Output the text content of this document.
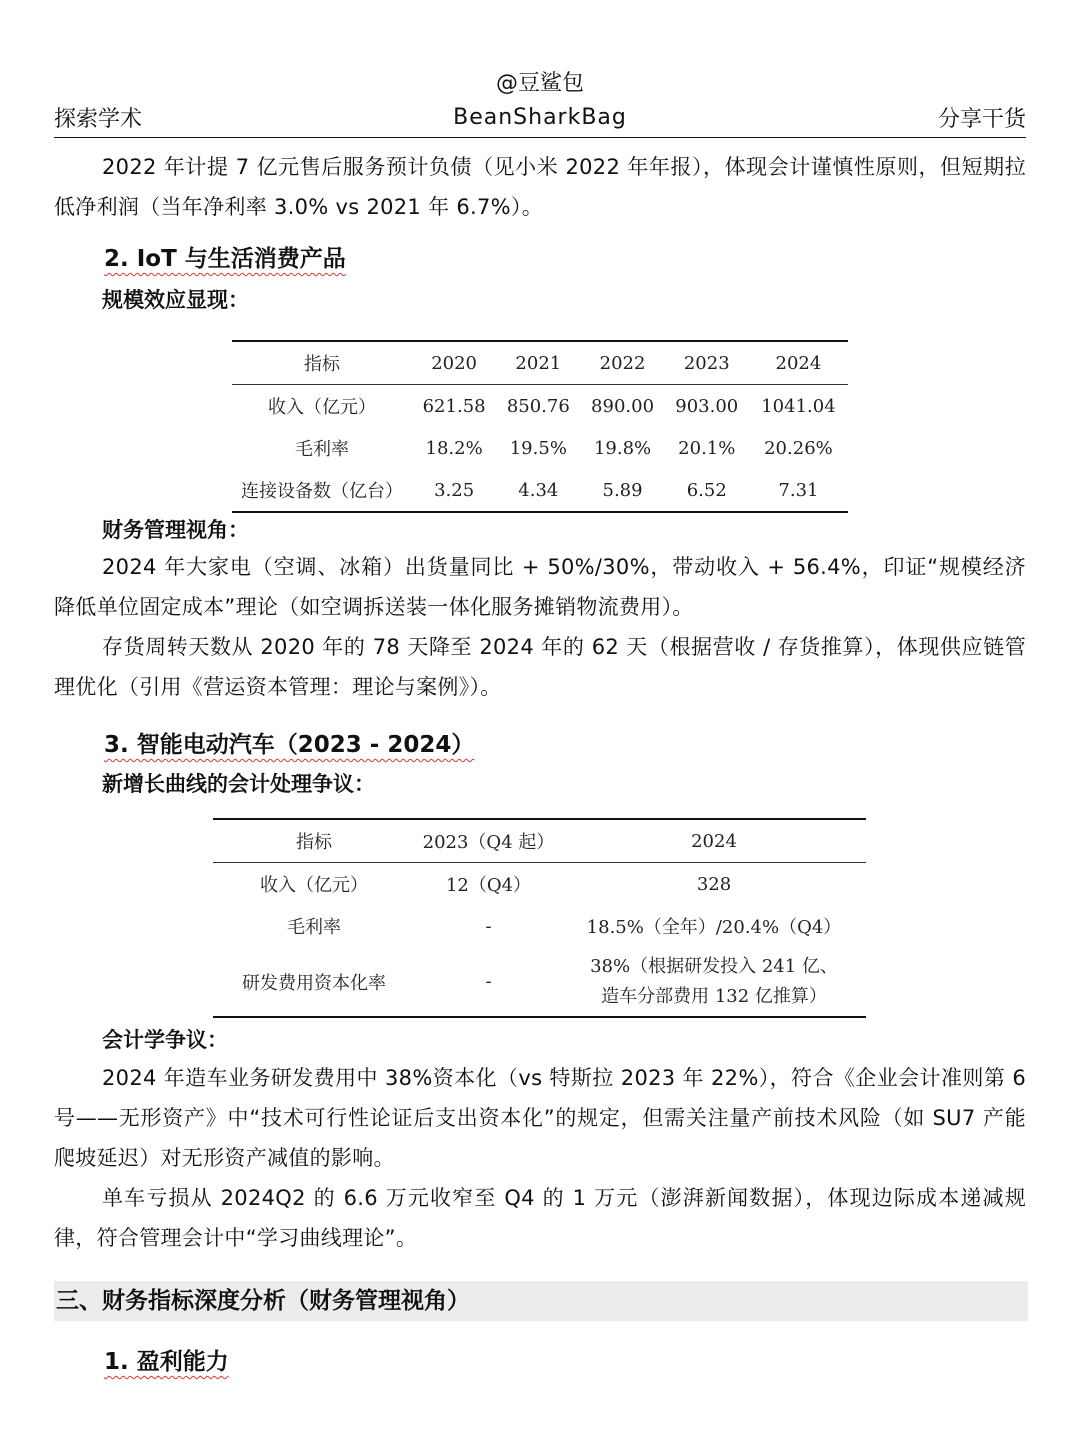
@豆鲨包
探索学术	BeanSharkBag	分享干货
2022 年计提 7 亿元售后服务预计负债（见小米 2022 年年报），体现会计谨慎性原则，但短期拉低净利润（当年净利率 3.0% vs 2021 年 6.7%）。
2. IoT 与生活消费产品
规模效应显现：
指标	2020	2021	2022	2023	2024
收入（亿元）	621.58	850.76	890.00	903.00	1041.04
毛利率	18.2%	19.5%	19.8%	20.1%	20.26%
连接设备数（亿台）	3.25	4.34	5.89	6.52	7.31
财务管理视角：
2024 年大家电（空调、冰箱）出货量同比 + 50%/30%，带动收入 + 56.4%，印证“规模经济降低单位固定成本”理论（如空调拆送装一体化服务摊销物流费用）。
存货周转天数从 2020 年的 78 天降至 2024 年的 62 天（根据营收 / 存货推算），体现供应链管理优化（引用《营运资本管理：理论与案例》）。
3. 智能电动汽车（2023 - 2024）
新增长曲线的会计处理争议：
指标	2023（Q4 起）	2024
收入（亿元）	12（Q4）	328
毛利率	-	18.5%（全年）/20.4%（Q4）
研发费用资本化率	-	38%（根据研发投入 241 亿、
造车分部费用 132 亿推算）
会计学争议：
2024 年造车业务研发费用中 38%资本化（vs 特斯拉 2023 年 22%），符合《企业会计准则第 6 号——无形资产》中“技术可行性论证后支出资本化”的规定，但需关注量产前技术风险（如 SU7 产能爬坡延迟）对无形资产减值的影响。
单车亏损从 2024Q2 的 6.6 万元收窄至 Q4 的 1 万元（澎湃新闻数据），体现边际成本递减规律，符合管理会计中“学习曲线理论”。
三、财务指标深度分析（财务管理视角）
1. 盈利能力
